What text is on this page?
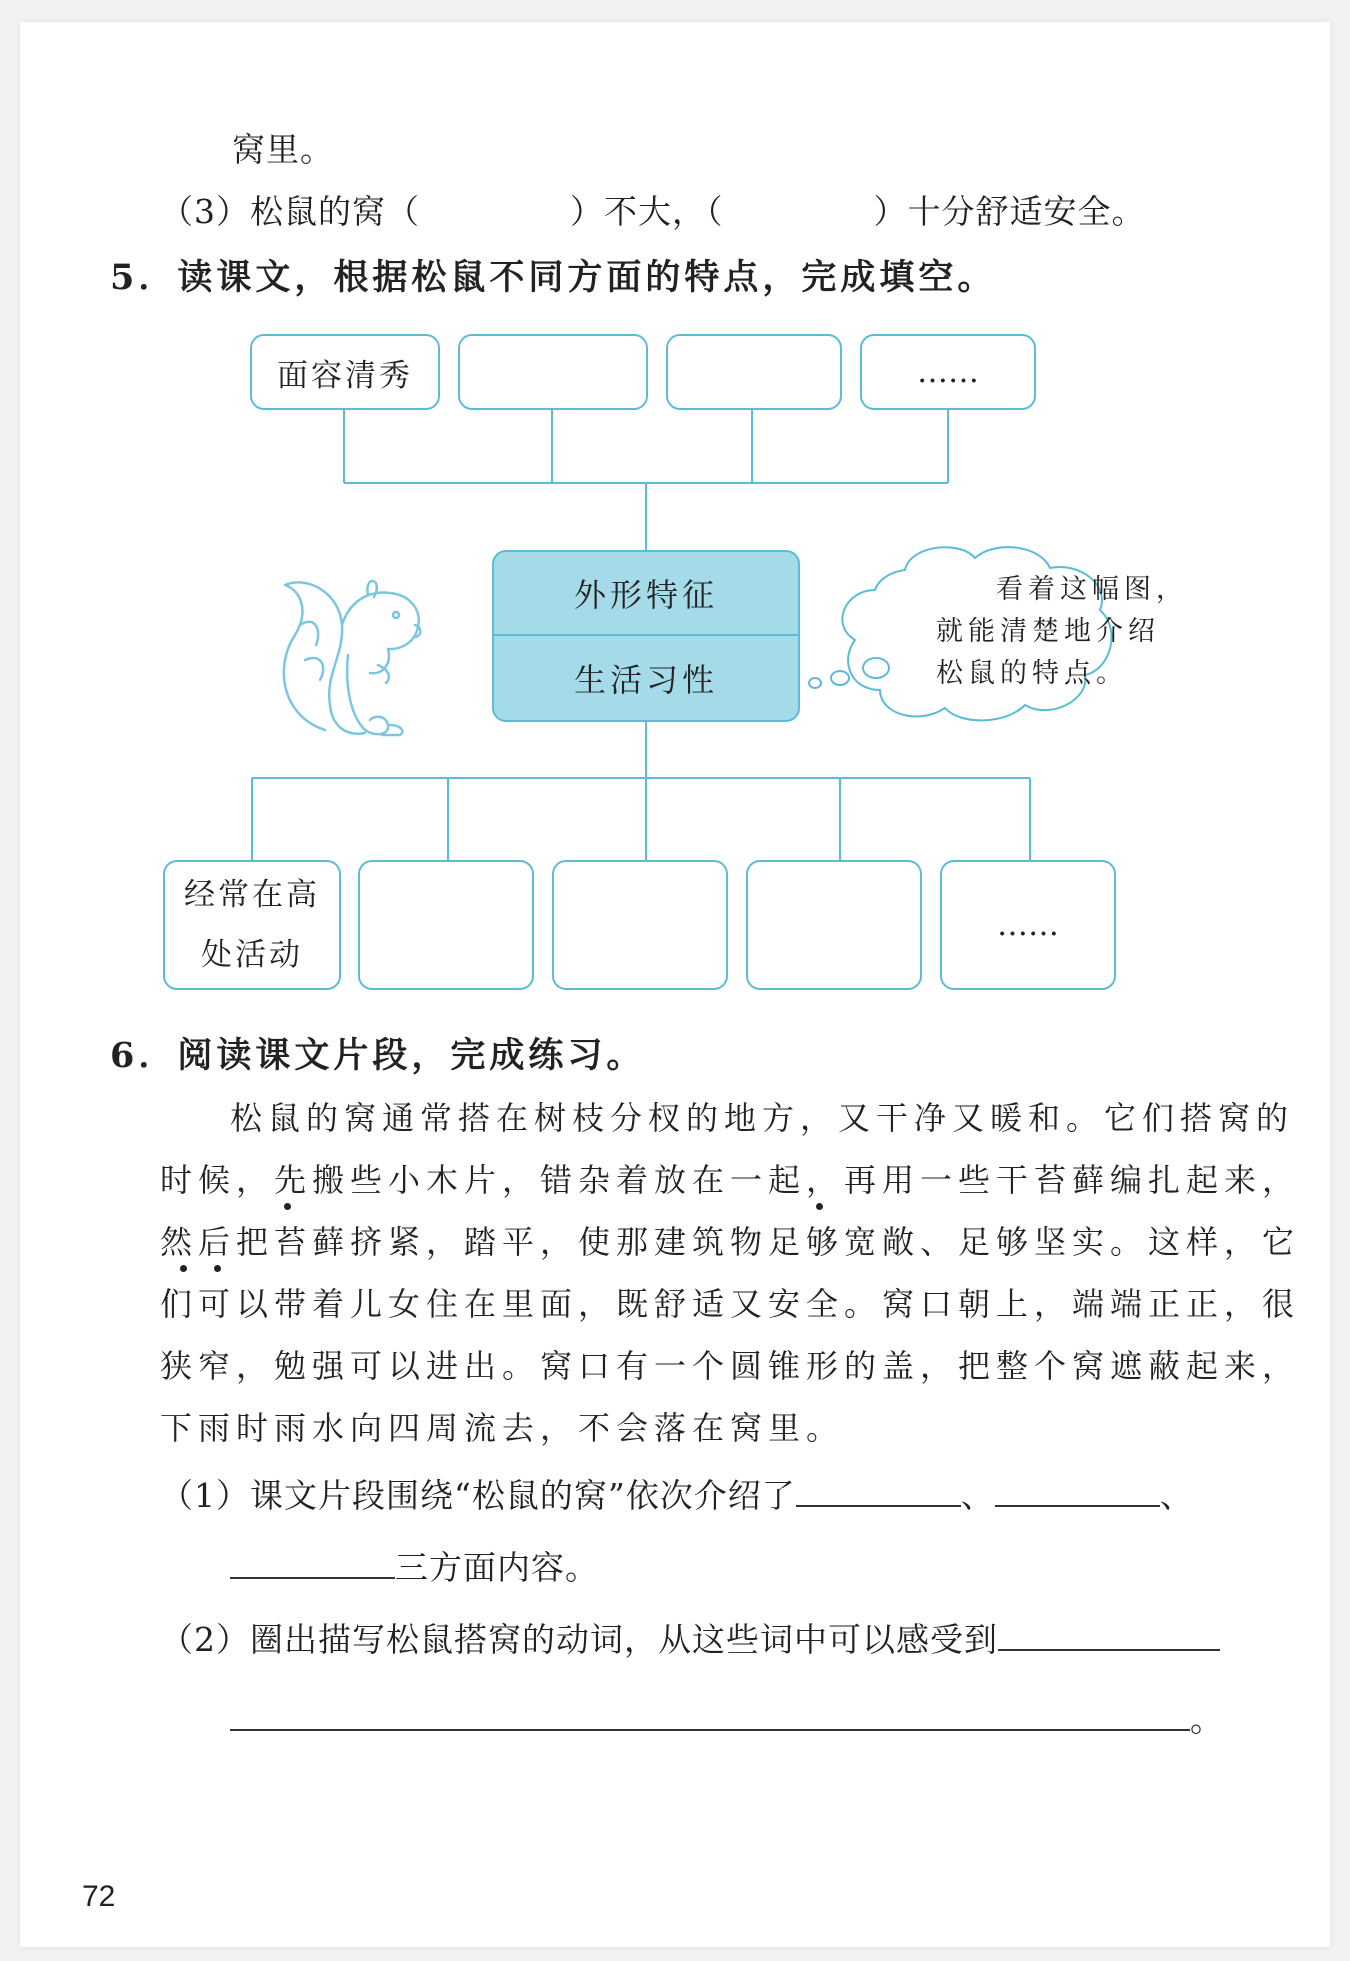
窝里。
（3）松鼠的窝（	）不大，（	）十分舒适安全。
5．读课文，根据松鼠不同方面的特点，完成填空。
面容清秀	……
外形特征
生活习性
看着这幅图，
就能清楚地介绍
松鼠的特点。
经常在高处活动
……
6．阅读课文片段，完成练习。
松鼠的窝通常搭在树枝分杈的地方，又干净又暖和。它们搭窝的
时候，先搬些小木片，错杂着放在一起，再用一些干苔藓编扎起来，
然后把苔藓挤紧，踏平，使那建筑物足够宽敞、足够坚实。这样，它
们可以带着儿女住在里面，既舒适又安全。窝口朝上，端端正正，很
狭窄，勉强可以进出。窝口有一个圆锥形的盖，把整个窝遮蔽起来，
下雨时雨水向四周流去，不会落在窝里。
（1）课文片段围绕“松鼠的窝”依次介绍了	、	、
三方面内容。
（2）圈出描写松鼠搭窝的动词，从这些词中可以感受到
。
72
